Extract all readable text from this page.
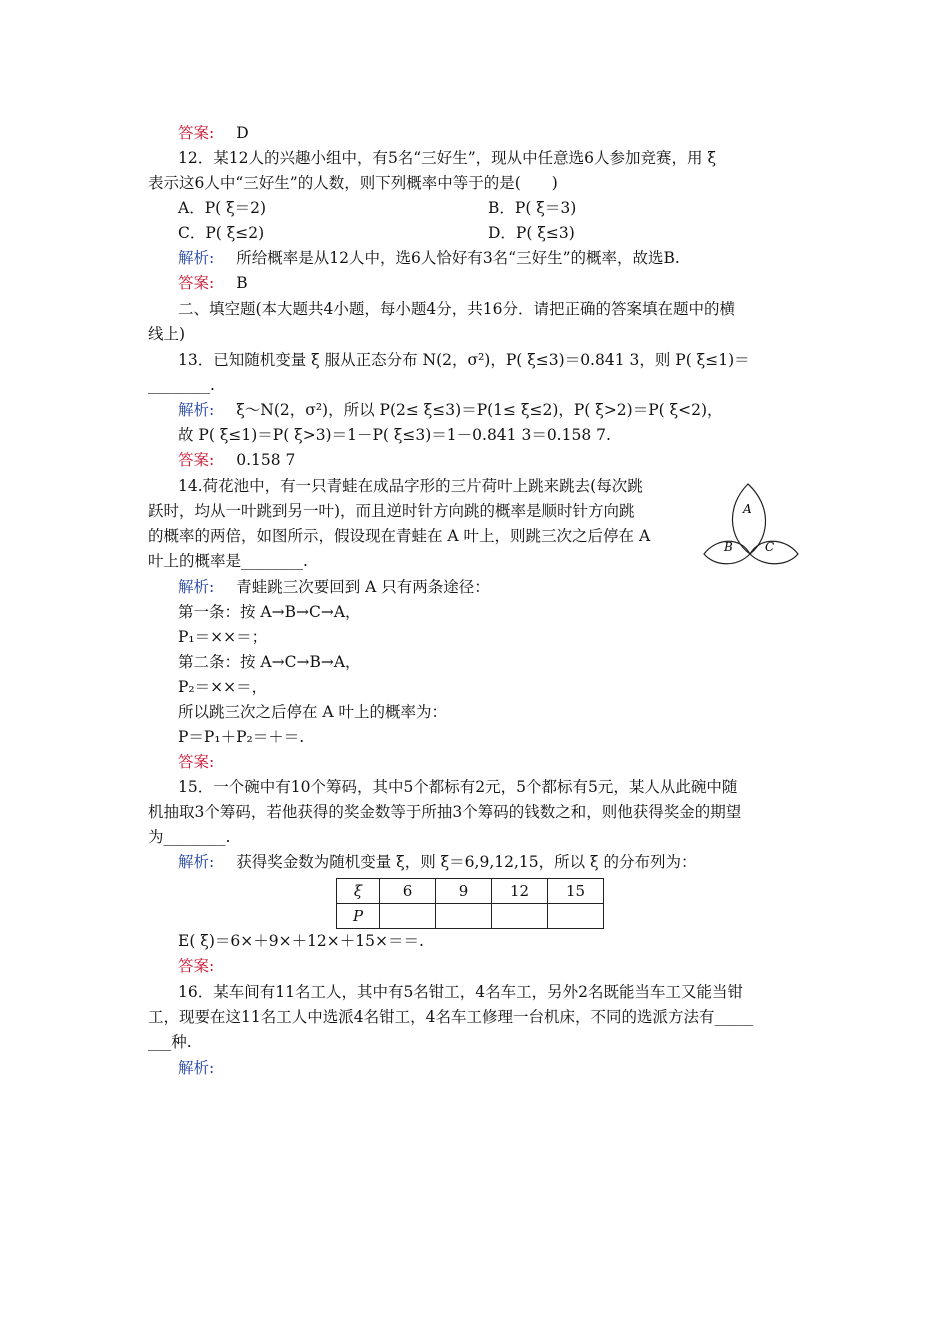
答案: D
12．某12人的兴趣小组中，有5名“三好生”，现从中任意选6人参加竞赛，用 ξ
表示这6人中“三好生”的人数，则下列概率中等于的是(　　)
A．P( ξ＝2)	B．P( ξ＝3)
C．P( ξ≤2)	D．P( ξ≤3)
解析: 所给概率是从12人中，选6人恰好有3名“三好生”的概率，故选B.
答案: B
二、填空题(本大题共4小题，每小题4分，共16分．请把正确的答案填在题中的横
线上)
13．已知随机变量 ξ 服从正态分布 N(2，σ²)，P( ξ≤3)＝0.841 3，则 P( ξ≤1)＝
________.
解析: ξ～N(2，σ²)，所以 P(2≤ ξ≤3)＝P(1≤ ξ≤2)，P( ξ>2)＝P( ξ<2)，
故 P( ξ≤1)＝P( ξ>3)＝1－P( ξ≤3)＝1－0.841 3＝0.158 7.
答案: 0.158 7
14.荷花池中，有一只青蛙在成品字形的三片荷叶上跳来跳去(每次跳
跃时，均从一叶跳到另一叶)，而且逆时针方向跳的概率是顺时针方向跳
的概率的两倍，如图所示，假设现在青蛙在 A 叶上，则跳三次之后停在 A
叶上的概率是________.
A
B	C
解析: 青蛙跳三次要回到 A 只有两条途径：
第一条：按 A→B→C→A，
P₁＝××＝；
第二条：按 A→C→B→A，
P₂＝××＝，
所以跳三次之后停在 A 叶上的概率为：
P＝P₁＋P₂＝＋＝.
答案:
15．一个碗中有10个筹码，其中5个都标有2元，5个都标有5元，某人从此碗中随
机抽取3个筹码，若他获得的奖金数等于所抽3个筹码的钱数之和，则他获得奖金的期望
为________.
解析: 获得奖金数为随机变量 ξ，则 ξ＝6,9,12,15，所以 ξ 的分布列为：
ξ	6	9	12	15
P				
E( ξ)＝6×＋9×＋12×＋15×＝＝.
答案:
16．某车间有11名工人，其中有5名钳工，4名车工，另外2名既能当车工又能当钳
工，现要在这11名工人中选派4名钳工，4名车工修理一台机床，不同的选派方法有_____
___种.
解析:
